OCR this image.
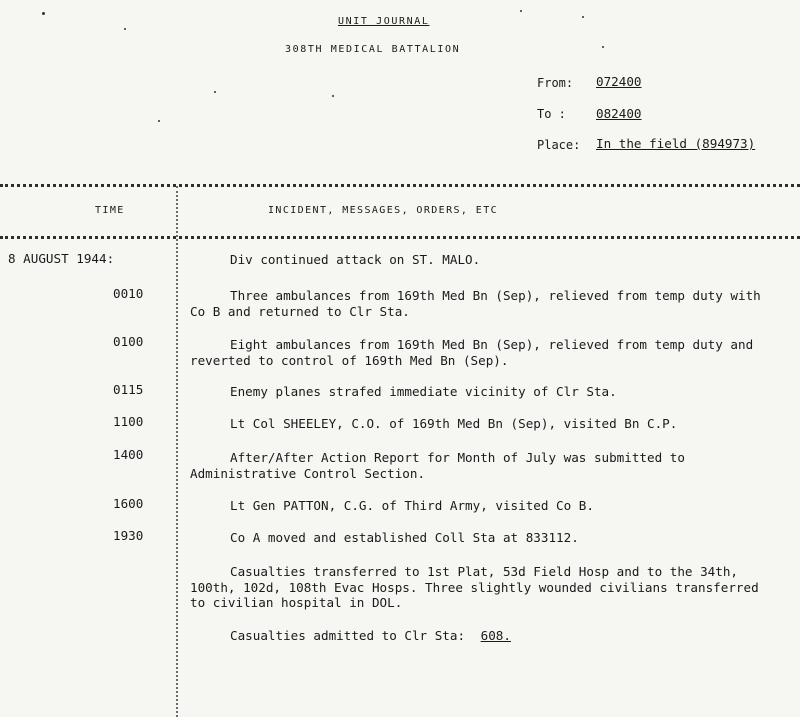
UNIT JOURNAL
308TH MEDICAL BATTALION
From: 072400
To : 082400
Place: In the field (894973)
TIME	INCIDENT, MESSAGES, ORDERS, ETC
8 AUGUST 1944:	Div continued attack on ST. MALO.
0010	Three ambulances from 169th Med Bn (Sep), relieved from temp duty with Co B and returned to Clr Sta.
0100	Eight ambulances from 169th Med Bn (Sep), relieved from temp duty and reverted to control of 169th Med Bn (Sep).
0115	Enemy planes strafed immediate vicinity of Clr Sta.
1100	Lt Col SHEELEY, C.O. of 169th Med Bn (Sep), visited Bn C.P.
1400	After/After Action Report for Month of July was submitted to Administrative Control Section.
1600	Lt Gen PATTON, C.G. of Third Army, visited Co B.
1930	Co A moved and established Coll Sta at 833112.
Casualties transferred to 1st Plat, 53d Field Hosp and to the 34th, 100th, 102d, 108th Evac Hosps. Three slightly wounded civilians transferred to civilian hospital in DOL.
Casualties admitted to Clr Sta: 608.
